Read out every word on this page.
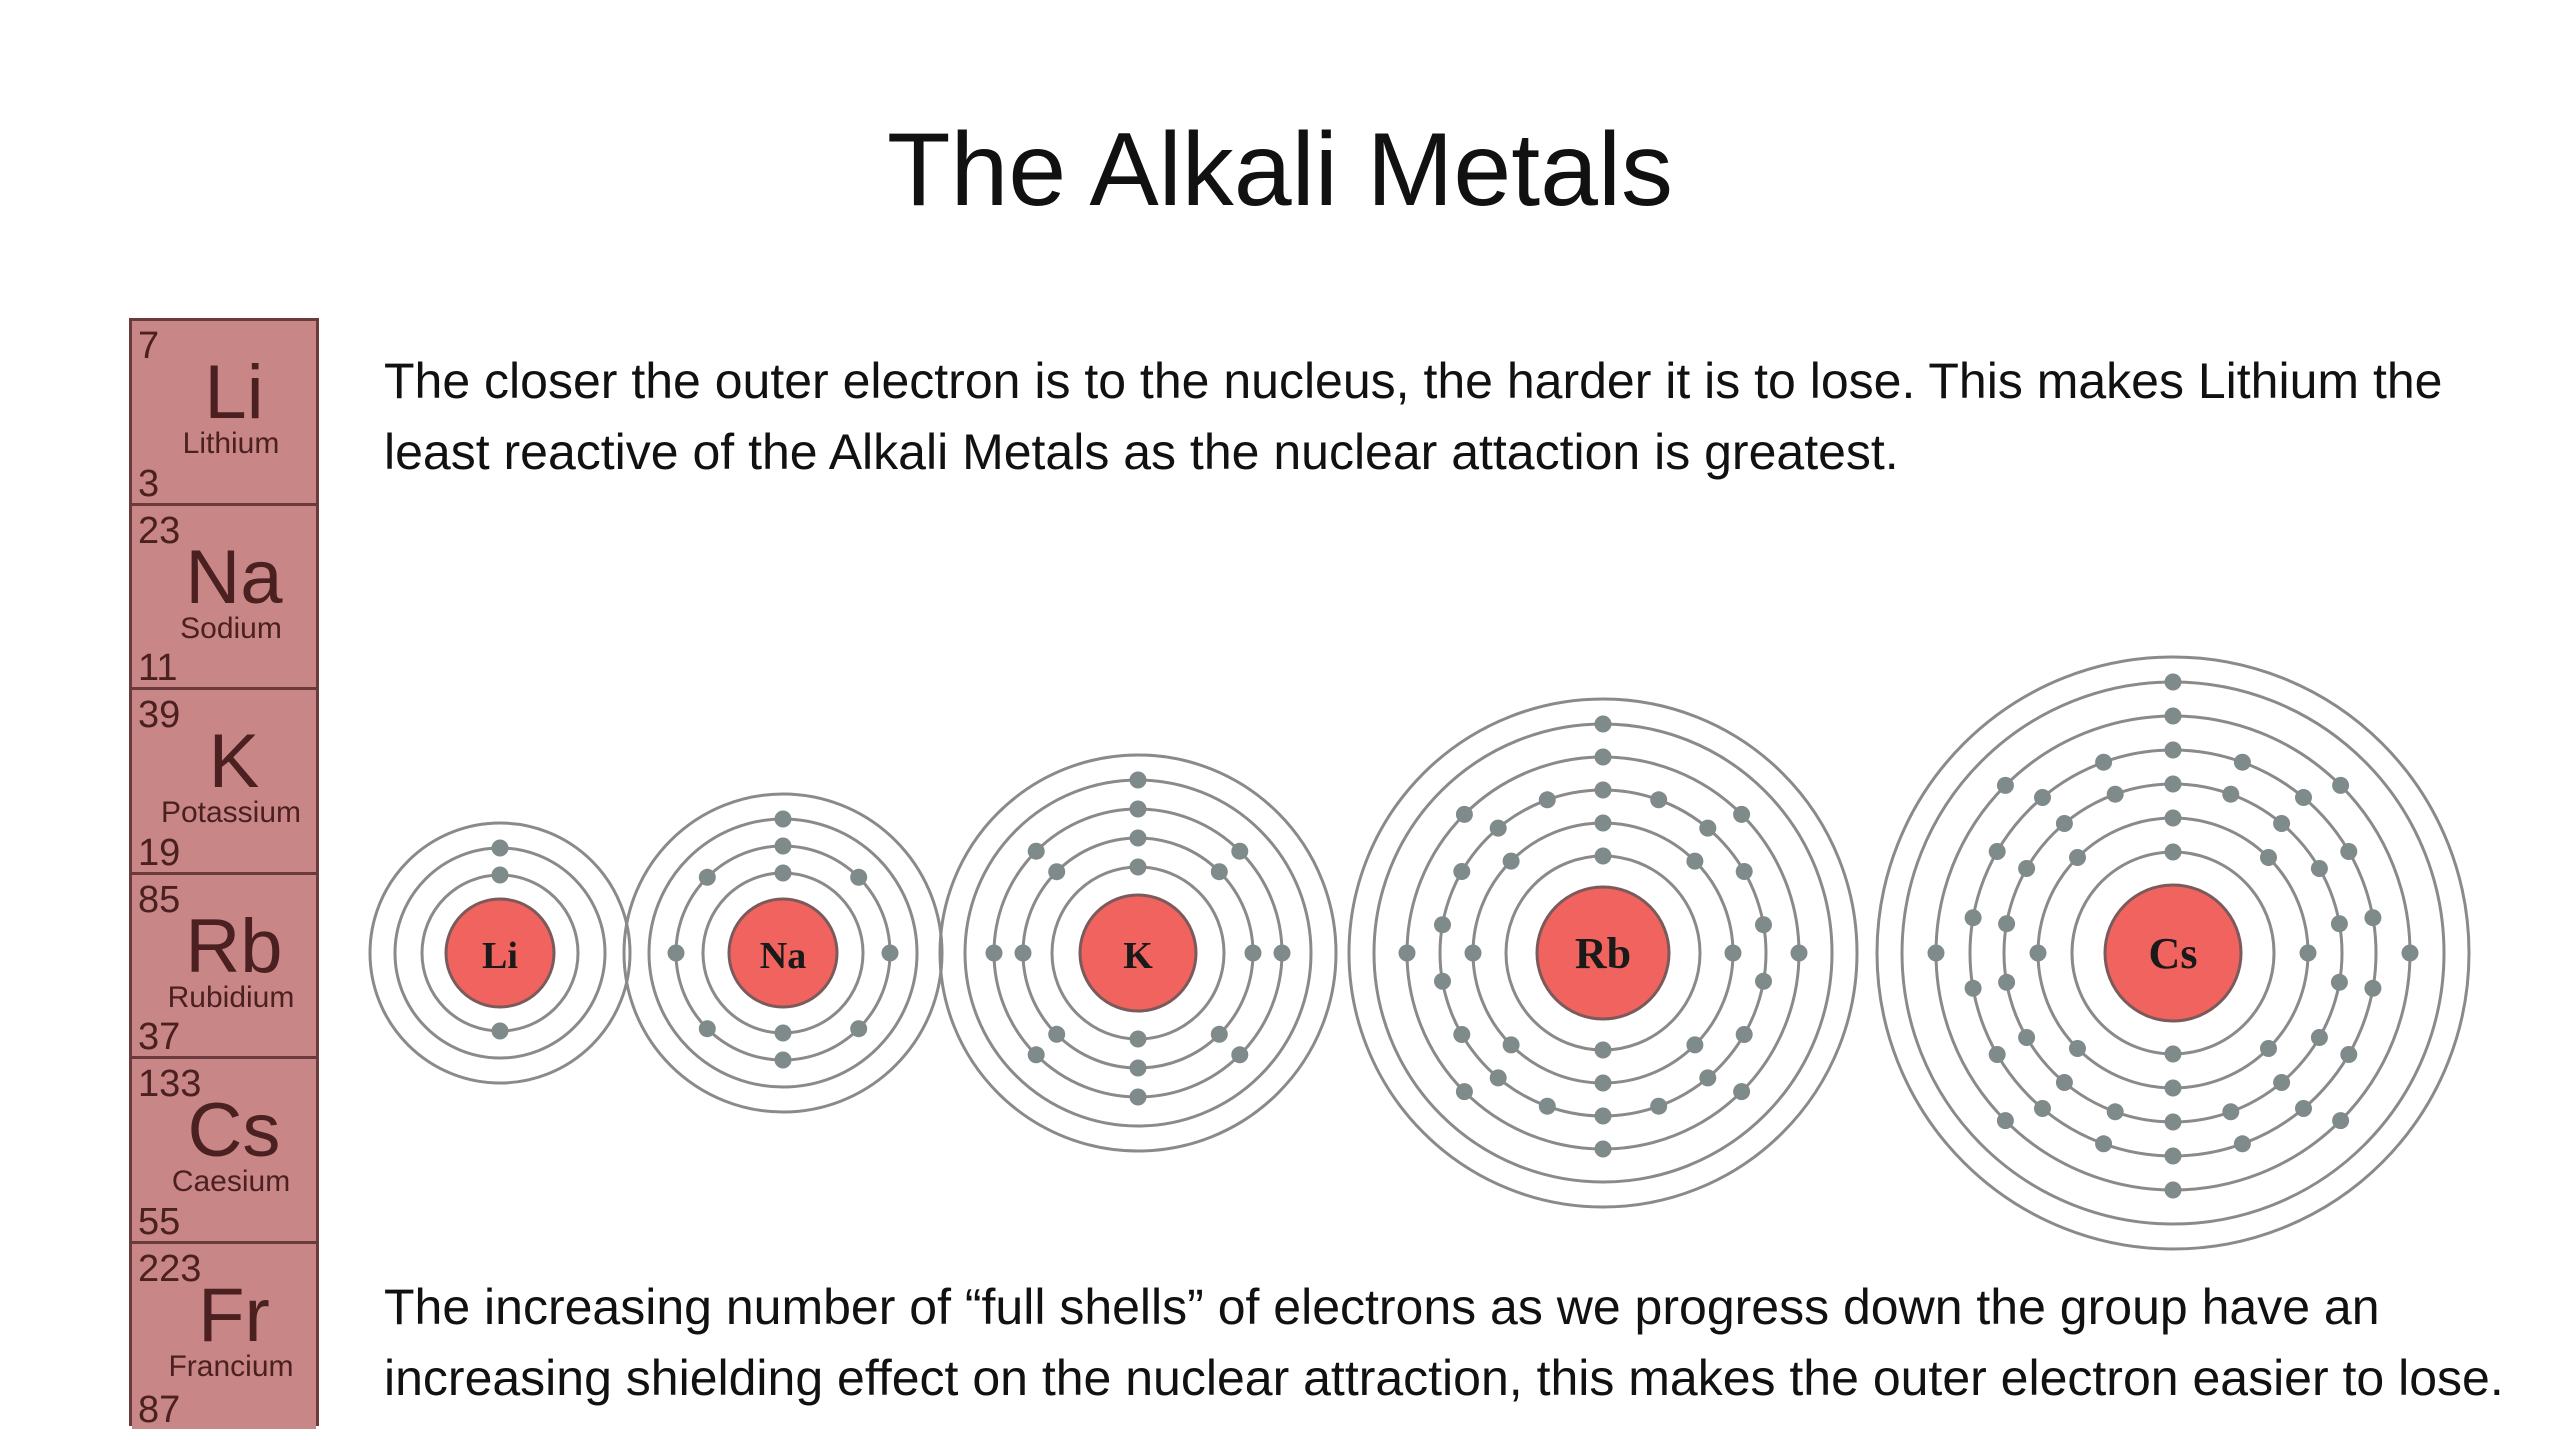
The Alkali Metals
7
Li
Lithium
3
23
Na
Sodium
11
39
K
Potassium
19
85
Rb
Rubidium
37
133
Cs
Caesium
55
223
Fr
Francium
87
The closer the outer electron is to the nucleus, the harder it is to lose. This makes Lithium the least reactive of the Alkali Metals as the nuclear attaction is greatest.
Li	Na	K	Rb	Cs
The increasing number of “full shells” of electrons as we progress down the group have an increasing shielding effect on the nuclear attraction, this makes the outer electron easier to lose.
